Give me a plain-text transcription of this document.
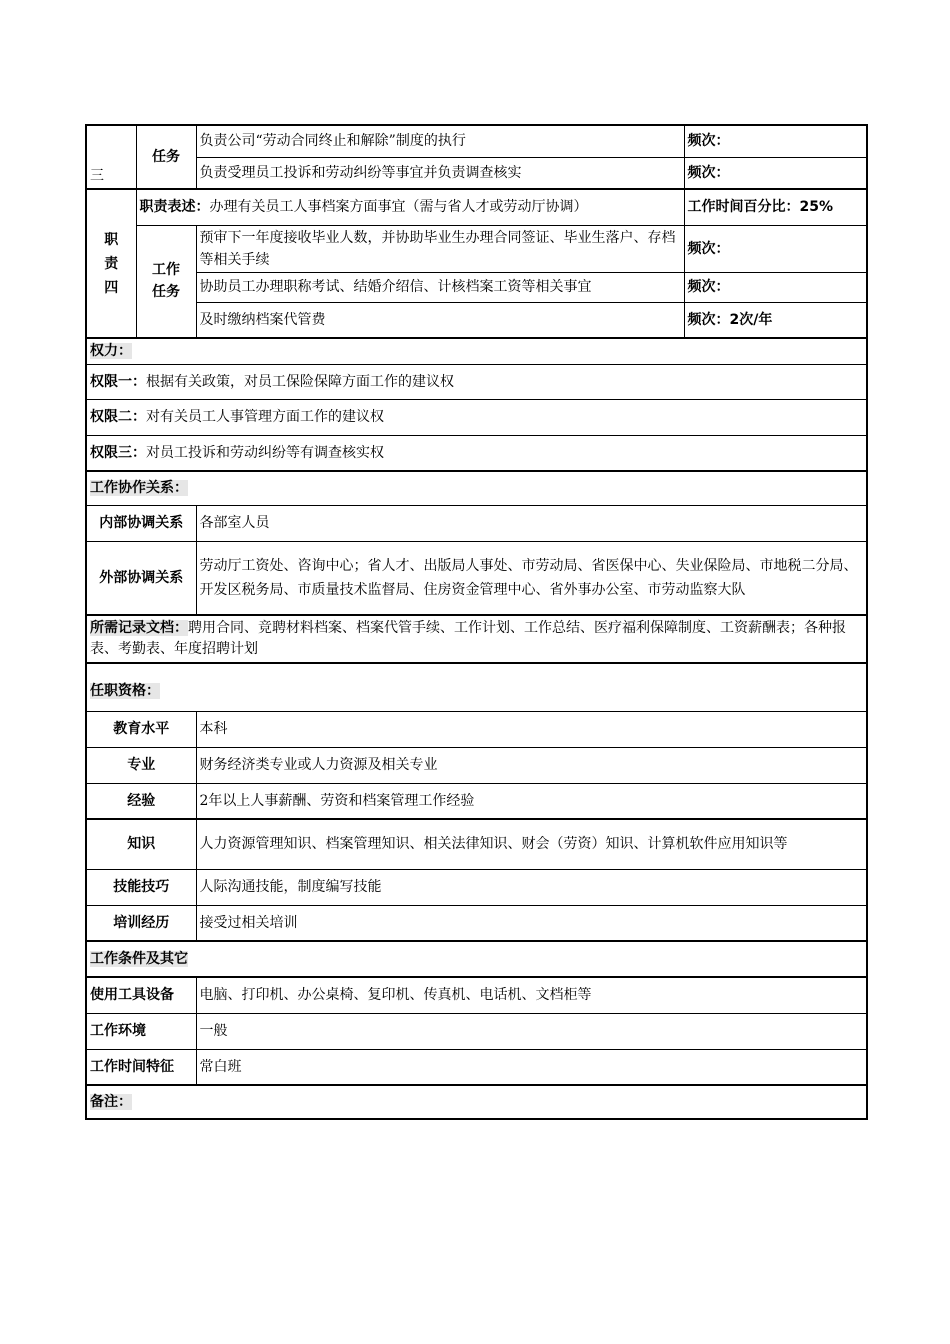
三	任务	负责公司“劳动合同终止和解除”制度的执行	频次：
		负责受理员工投诉和劳动纠纷等事宜并负责调查核实	频次：
职责四	职责表述：办理有关员工人事档案方面事宜（需与省人才或劳动厅协调）		工作时间百分比：25%
	工作任务	预审下一年度接收毕业人数，并协助毕业生办理合同签证、毕业生落户、存档等相关手续	频次：
		协助员工办理职称考试、结婚介绍信、计核档案工资等相关事宜	频次：
		及时缴纳档案代管费	频次：2次/年

权力：			
权限一：根据有关政策，对员工保险保障方面工作的建议权			
权限二：对有关员工人事管理方面工作的建议权			
权限三：对员工投诉和劳动纠纷等有调查核实权			
工作协作关系：			
内部协调关系		各部室人员	
外部协调关系		劳动厅工资处、咨询中心；省人才、出版局人事处、市劳动局、省医保中心、失业保险局、市地税二分局、开发区税务局、市质量技术监督局、住房资金管理中心、省外事办公室、市劳动监察大队	
所需记录文档：聘用合同、竞聘材料档案、档案代管手续、工作计划、工作总结、医疗福利保障制度、工资薪酬表；各种报表、考勤表、年度招聘计划			
任职资格：			
教育水平		本科	
专业		财务经济类专业或人力资源及相关专业	
经验		2年以上人事薪酬、劳资和档案管理工作经验	
知识		人力资源管理知识、档案管理知识、相关法律知识、财会（劳资）知识、计算机软件应用知识等	
技能技巧		人际沟通技能，制度编写技能	
培训经历		接受过相关培训	
工作条件及其它			
使用工具设备		电脑、打印机、办公桌椅、复印机、传真机、电话机、文档柜等	
工作环境		一般	
工作时间特征		常白班	
备注：			
